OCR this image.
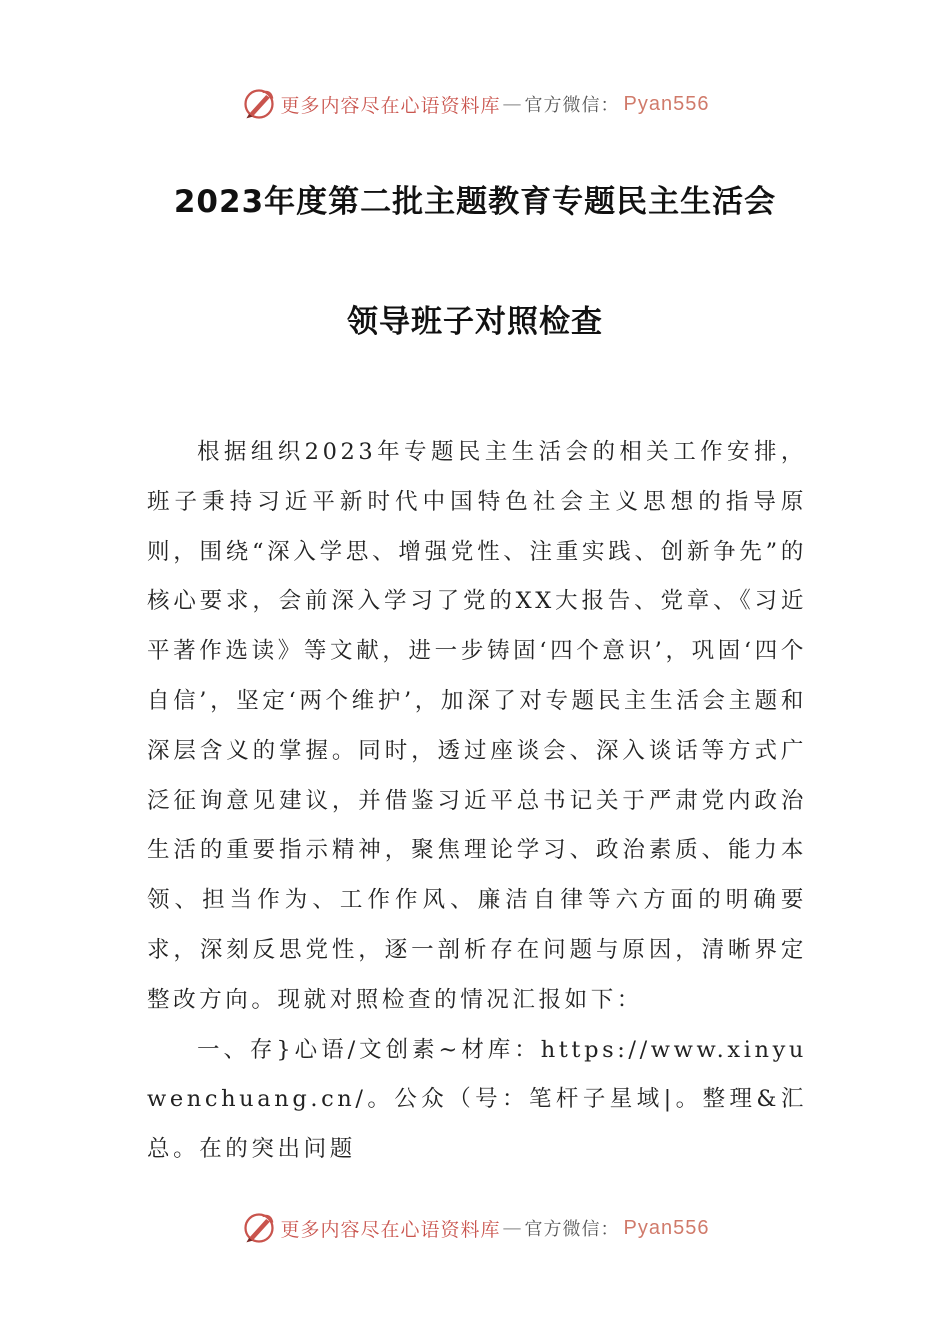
更多内容尽在心语资料库 — 官方微信： Pyan556
2023年度第二批主题教育专题民主生活会
领导班子对照检查

根据组织2023年专题民主生活会的相关工作安排，班子秉持习近平新时代中国特色社会主义思想的指导原则，围绕“深入学思、增强党性、注重实践、创新争先”的核心要求，会前深入学习了党的XX大报告、党章、《习近平著作选读》等文献，进一步铸固‘四个意识’，巩固‘四个自信’，坚定‘两个维护’，加深了对专题民主生活会主题和深层含义的掌握。同时，透过座谈会、深入谈话等方式广泛征询意见建议，并借鉴习近平总书记关于严肃党内政治生活的重要指示精神，聚焦理论学习、政治素质、能力本领、担当作为、工作作风、廉洁自律等六方面的明确要求，深刻反思党性，逐一剖析存在问题与原因，清晰界定整改方向。现就对照检查的情况汇报如下：

一、存}心语/文创素~材库：https://www.xinyuwenchuang.cn/。公众（号：笔杆子星域|。整理&汇总。在的突出问题

更多内容尽在心语资料库 — 官方微信： Pyan556
